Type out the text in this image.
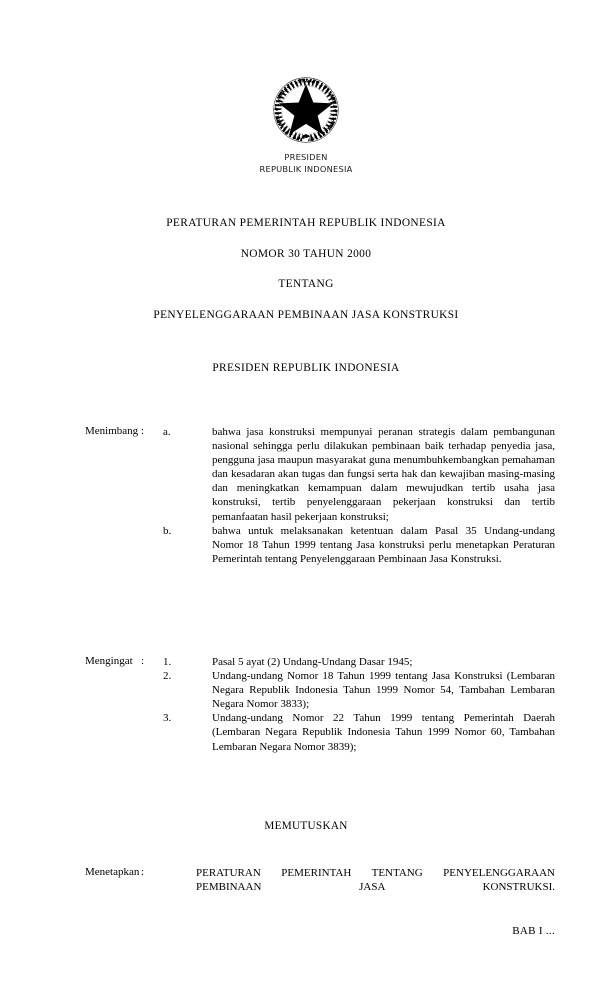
PRESIDEN
REPUBLIK INDONESIA
PERATURAN PEMERINTAH REPUBLIK INDONESIA
NOMOR 30 TAHUN 2000
TENTANG
PENYELENGGARAAN PEMBINAAN JASA KONSTRUKSI
PRESIDEN REPUBLIK INDONESIA
Menimbang : a.	bahwa jasa konstruksi mempunyai peranan strategis dalam pembangunan nasional sehingga perlu dilakukan pembinaan baik terhadap penyedia jasa, pengguna jasa maupun masyarakat guna menumbuhkembangkan pemahaman dan kesadaran akan tugas dan fungsi serta hak dan kewajiban masing-masing dan meningkatkan kemampuan dalam mewujudkan tertib usaha jasa konstruksi, tertib penyelenggaraan pekerjaan konstruksi dan tertib pemanfaatan hasil pekerjaan konstruksi;
b.	bahwa untuk melaksanakan ketentuan dalam Pasal 35 Undang-undang Nomor 18 Tahun 1999 tentang Jasa konstruksi perlu menetapkan Peraturan Pemerintah tentang Penyelenggaraan Pembinaan Jasa Konstruksi.
Mengingat : 1.	Pasal 5 ayat (2) Undang-Undang Dasar 1945;
2.	Undang-undang Nomor 18 Tahun 1999 tentang Jasa Konstruksi (Lembaran Negara Republik Indonesia Tahun 1999 Nomor 54, Tambahan Lembaran Negara Nomor 3833);
3.	Undang-undang Nomor 22 Tahun 1999 tentang Pemerintah Daerah (Lembaran Negara Republik Indonesia Tahun 1999 Nomor 60, Tambahan Lembaran Negara Nomor 3839);
MEMUTUSKAN
Menetapkan :	PERATURAN PEMERINTAH TENTANG PENYELENGGARAAN PEMBINAAN JASA KONSTRUKSI.
BAB I ...
